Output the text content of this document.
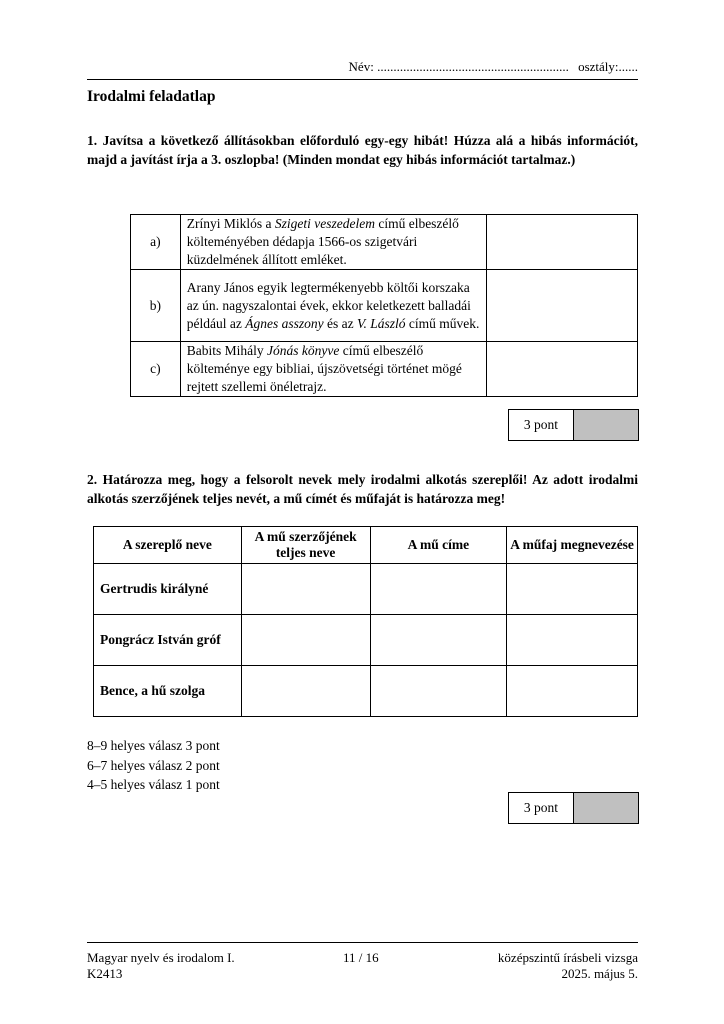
Név: ........................................................... osztály:......
Irodalmi feladatlap
1. Javítsa a következő állításokban előforduló egy-egy hibát! Húzza alá a hibás információt, majd a javítást írja a 3. oszlopba! (Minden mondat egy hibás információt tartalmaz.)
a)	Zrínyi Miklós a Szigeti veszedelem című elbeszélő költeményében dédapja 1566-os szigetvári küzdelmének állított emléket.	
b)	Arany János egyik legtermékenyebb költői korszaka az ún. nagyszalontai évek, ekkor keletkezett balladái például az Ágnes asszony és az V. László című művek.	
c)	Babits Mihály Jónás könyve című elbeszélő költeménye egy bibliai, újszövetségi történet mögé rejtett szellemi önéletrajz.	
3 pont
2. Határozza meg, hogy a felsorolt nevek mely irodalmi alkotás szereplői! Az adott irodalmi alkotás szerzőjének teljes nevét, a mű címét és műfaját is határozza meg!
A szereplő neve	A mű szerzőjének teljes neve	A mű címe	A műfaj megnevezése
Gertrudis királyné			
Pongrácz István gróf			
Bence, a hű szolga			
8–9 helyes válasz 3 pont
6–7 helyes válasz 2 pont
4–5 helyes válasz 1 pont
3 pont
Magyar nyelv és irodalom I.
K2413
11 / 16	középszintű írásbeli vizsga
2025. május 5.
